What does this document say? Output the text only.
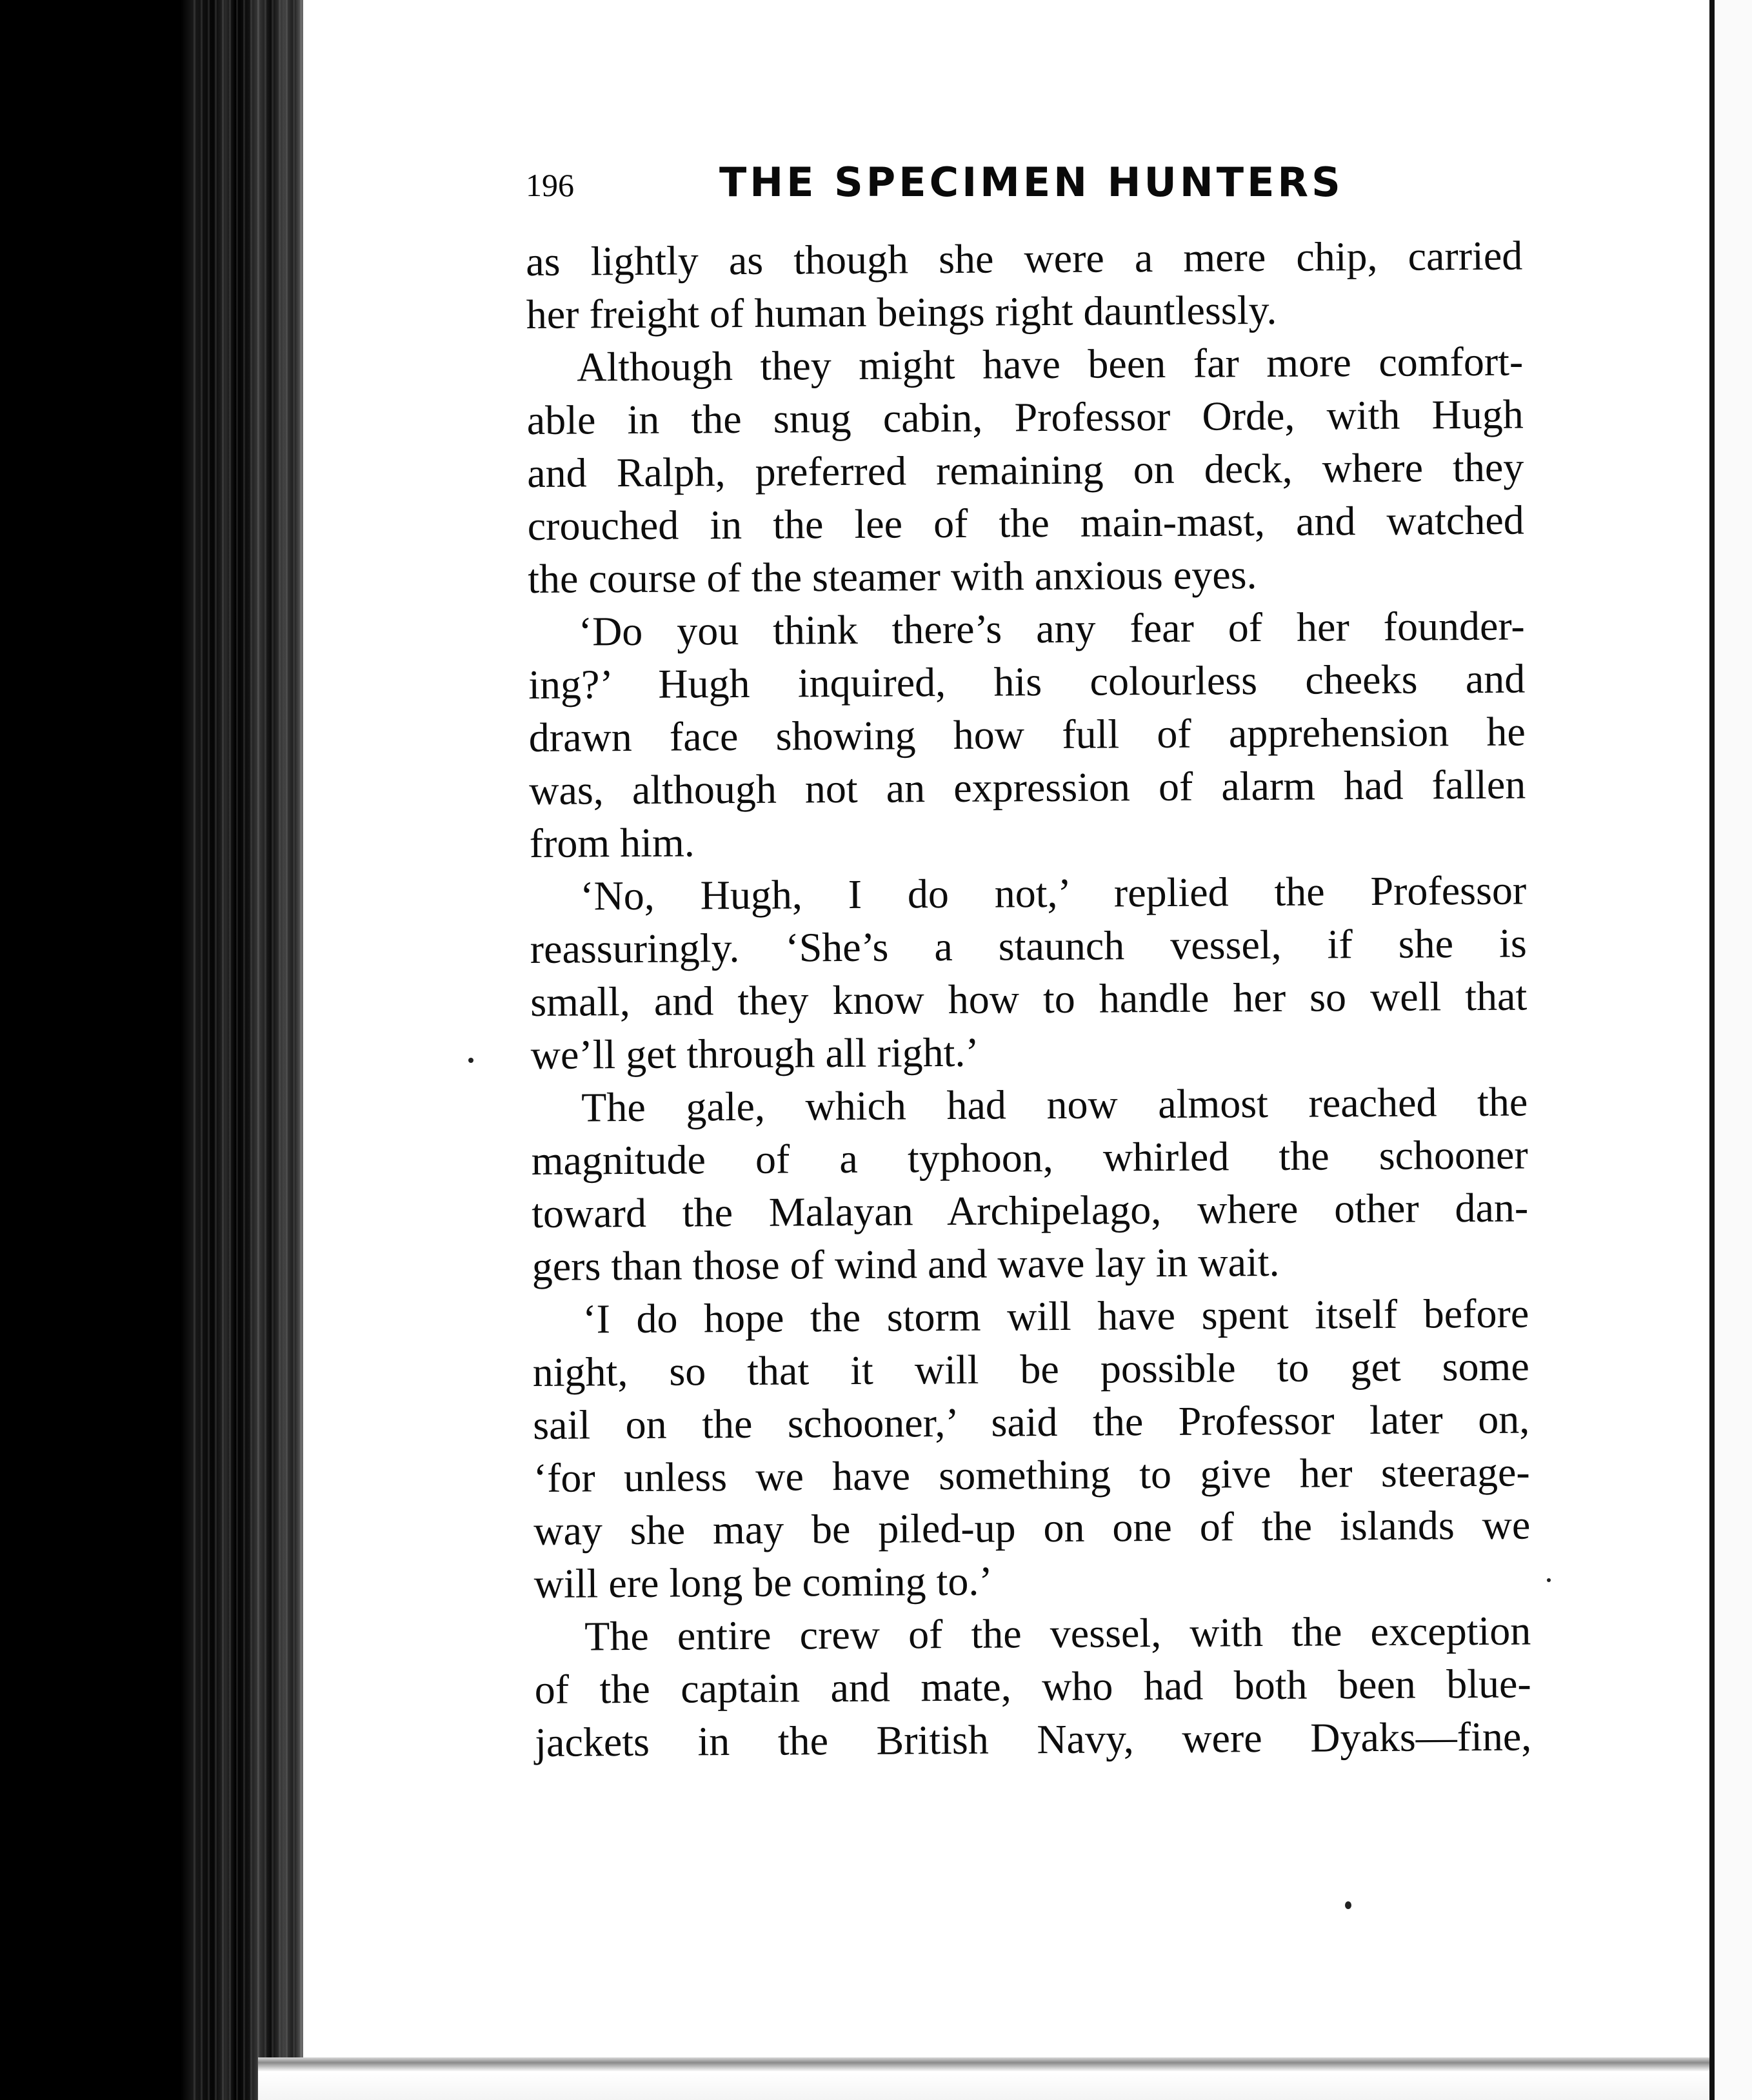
196	THE SPECIMEN HUNTERS
as lightly as though she were a mere chip, carried
her freight of human beings right dauntlessly.
Although they might have been far more comfort-
able in the snug cabin, Professor Orde, with Hugh
and Ralph, preferred remaining on deck, where they
crouched in the lee of the main-mast, and watched
the course of the steamer with anxious eyes.
‘Do you think there’s any fear of her founder-
ing?’ Hugh inquired, his colourless cheeks and
drawn face showing how full of apprehension he
was, although not an expression of alarm had fallen
from him.
‘No, Hugh, I do not,’ replied the Professor
reassuringly. ‘She’s a staunch vessel, if she is
small, and they know how to handle her so well that
we’ll get through all right.’
The gale, which had now almost reached the
magnitude of a typhoon, whirled the schooner
toward the Malayan Archipelago, where other dan-
gers than those of wind and wave lay in wait.
‘I do hope the storm will have spent itself before
night, so that it will be possible to get some
sail on the schooner,’ said the Professor later on,
‘for unless we have something to give her steerage-
way she may be piled-up on one of the islands we
will ere long be coming to.’
The entire crew of the vessel, with the exception
of the captain and mate, who had both been blue-
jackets in the British Navy, were Dyaks—fine,
